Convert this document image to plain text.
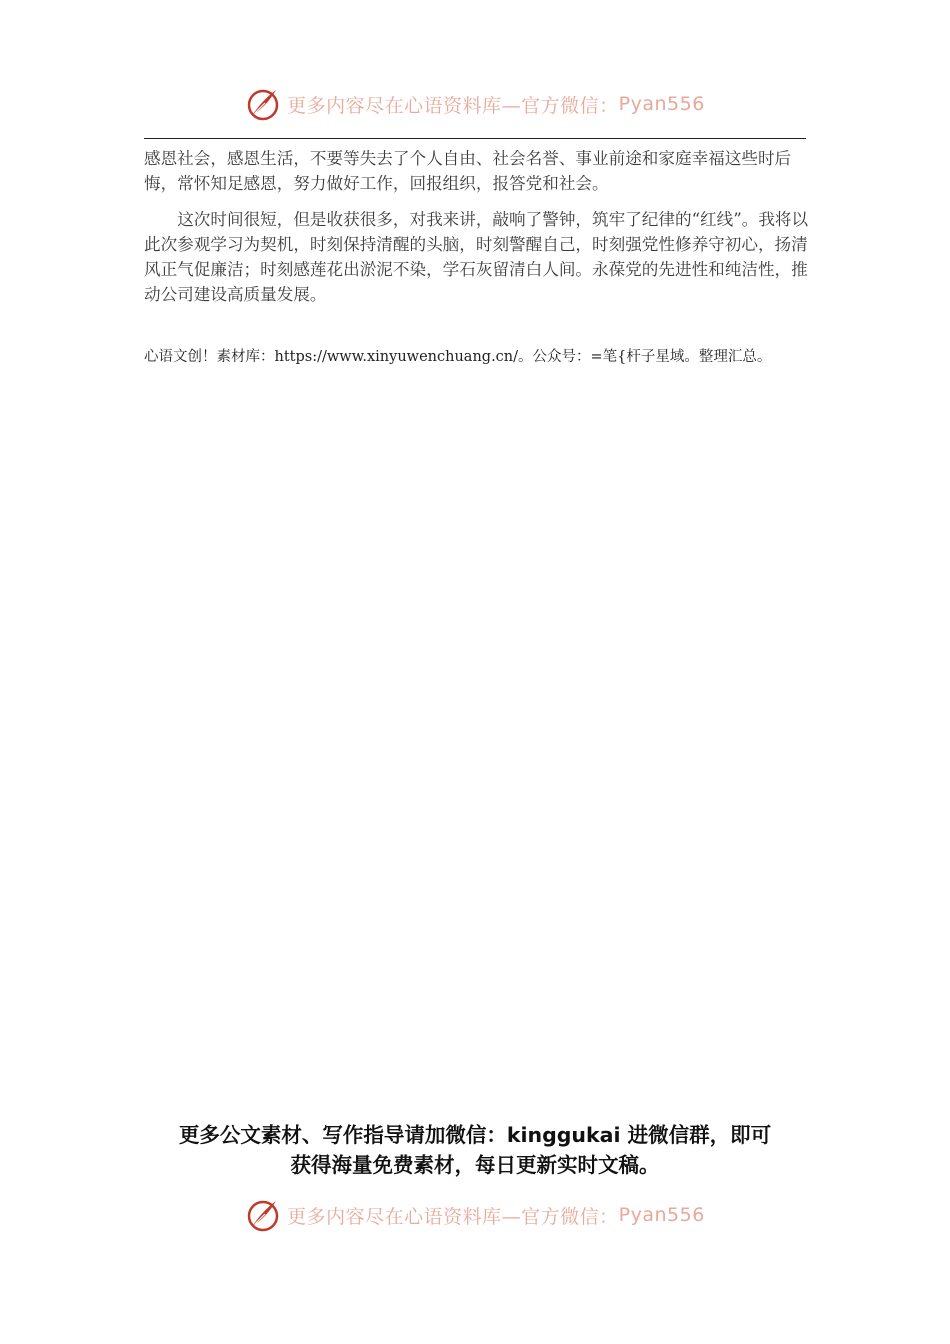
更多内容尽在心语资料库—官方微信： Pyan556

感恩社会，感恩生活，不要等失去了个人自由、社会名誉、事业前途和家庭幸福这些时后悔，常怀知足感恩，努力做好工作，回报组织，报答党和社会。

这次时间很短，但是收获很多，对我来讲，敲响了警钟，筑牢了纪律的“红线”。我将以此次参观学习为契机，时刻保持清醒的头脑，时刻警醒自己，时刻强党性修养守初心，扬清风正气促廉洁；时刻感莲花出淤泥不染，学石灰留清白人间。永葆党的先进性和纯洁性，推动公司建设高质量发展。

心语文创！素材库：https://www.xinyuwenchuang.cn/。公众号：=笔{杆子星域。整理汇总。
更多公文素材、写作指导请加微信：kinggukai 进微信群，即可
获得海量免费素材，每日更新实时文稿。
更多内容尽在心语资料库—官方微信： Pyan556
